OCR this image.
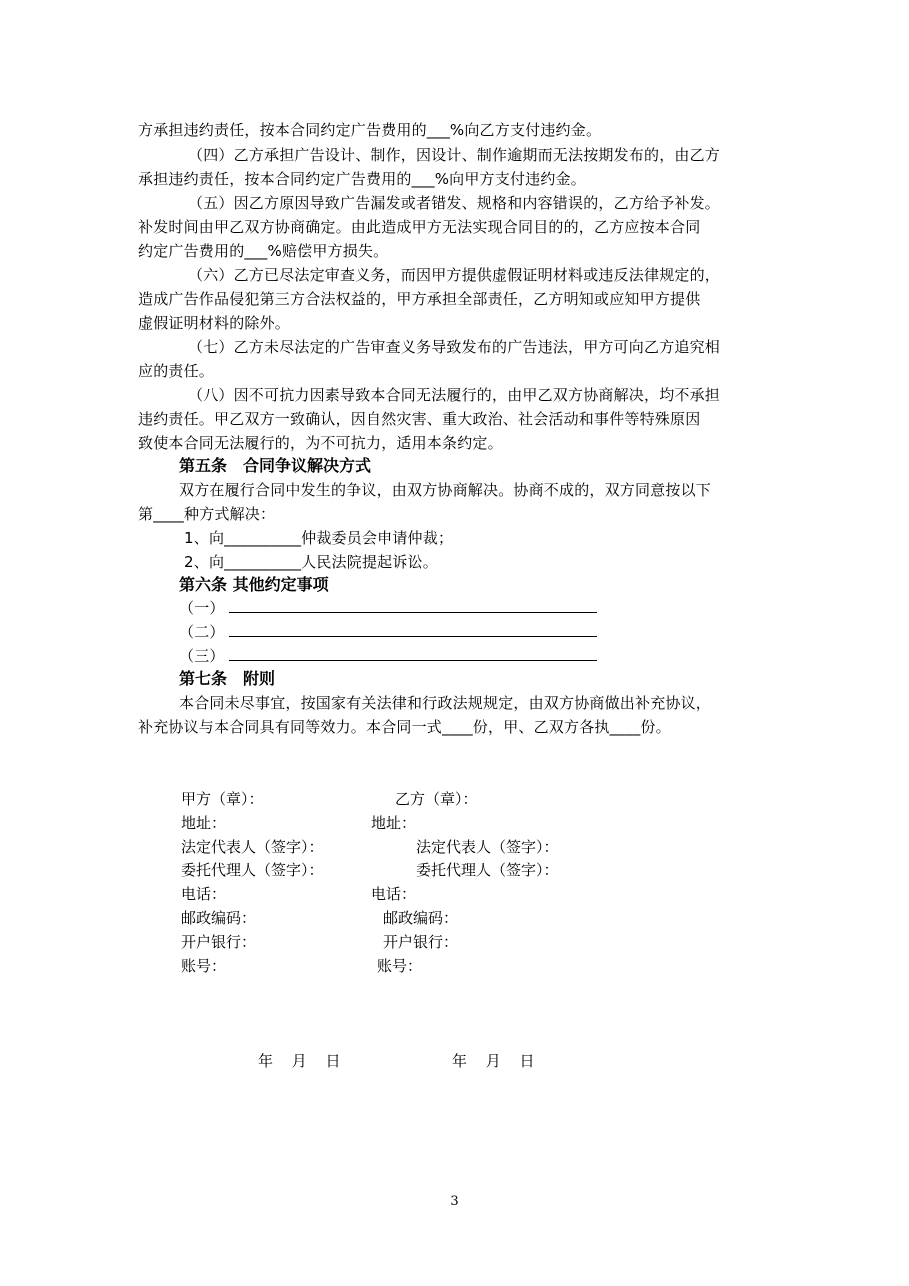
方承担违约责任，按本合同约定广告费用的___%向乙方支付违约金。
（四）乙方承担广告设计、制作，因设计、制作逾期而无法按期发布的，由乙方
承担违约责任，按本合同约定广告费用的___%向甲方支付违约金。
（五）因乙方原因导致广告漏发或者错发、规格和内容错误的，乙方给予补发。
补发时间由甲乙双方协商确定。由此造成甲方无法实现合同目的的，乙方应按本合同
约定广告费用的___%赔偿甲方损失。
（六）乙方已尽法定审查义务，而因甲方提供虚假证明材料或违反法律规定的，
造成广告作品侵犯第三方合法权益的，甲方承担全部责任，乙方明知或应知甲方提供
虚假证明材料的除外。
（七）乙方未尽法定的广告审查义务导致发布的广告违法，甲方可向乙方追究相
应的责任。
（八）因不可抗力因素导致本合同无法履行的，由甲乙双方协商解决，均不承担
违约责任。甲乙双方一致确认，因自然灾害、重大政治、社会活动和事件等特殊原因
致使本合同无法履行的，为不可抗力，适用本条约定。
第五条　合同争议解决方式
双方在履行合同中发生的争议，由双方协商解决。协商不成的，双方同意按以下
第____种方式解决：
1、向__________仲裁委员会申请仲裁；
2、向__________人民法院提起诉讼。
第六条 其他约定事项
（一）
（二）
（三）
第七条　附则
本合同未尽事宜，按国家有关法律和行政法规规定，由双方协商做出补充协议，
补充协议与本合同具有同等效力。本合同一式____份，甲、乙双方各执____份。
甲方（章）：	乙方（章）：
地址：	地址：
法定代表人（签字）：	法定代表人（签字）：
委托代理人（签字）：	委托代理人（签字）：
电话：	电话：
邮政编码：	邮政编码：
开户银行：	开户银行：
账号：	账号：
年 月 日	年 月 日
3
